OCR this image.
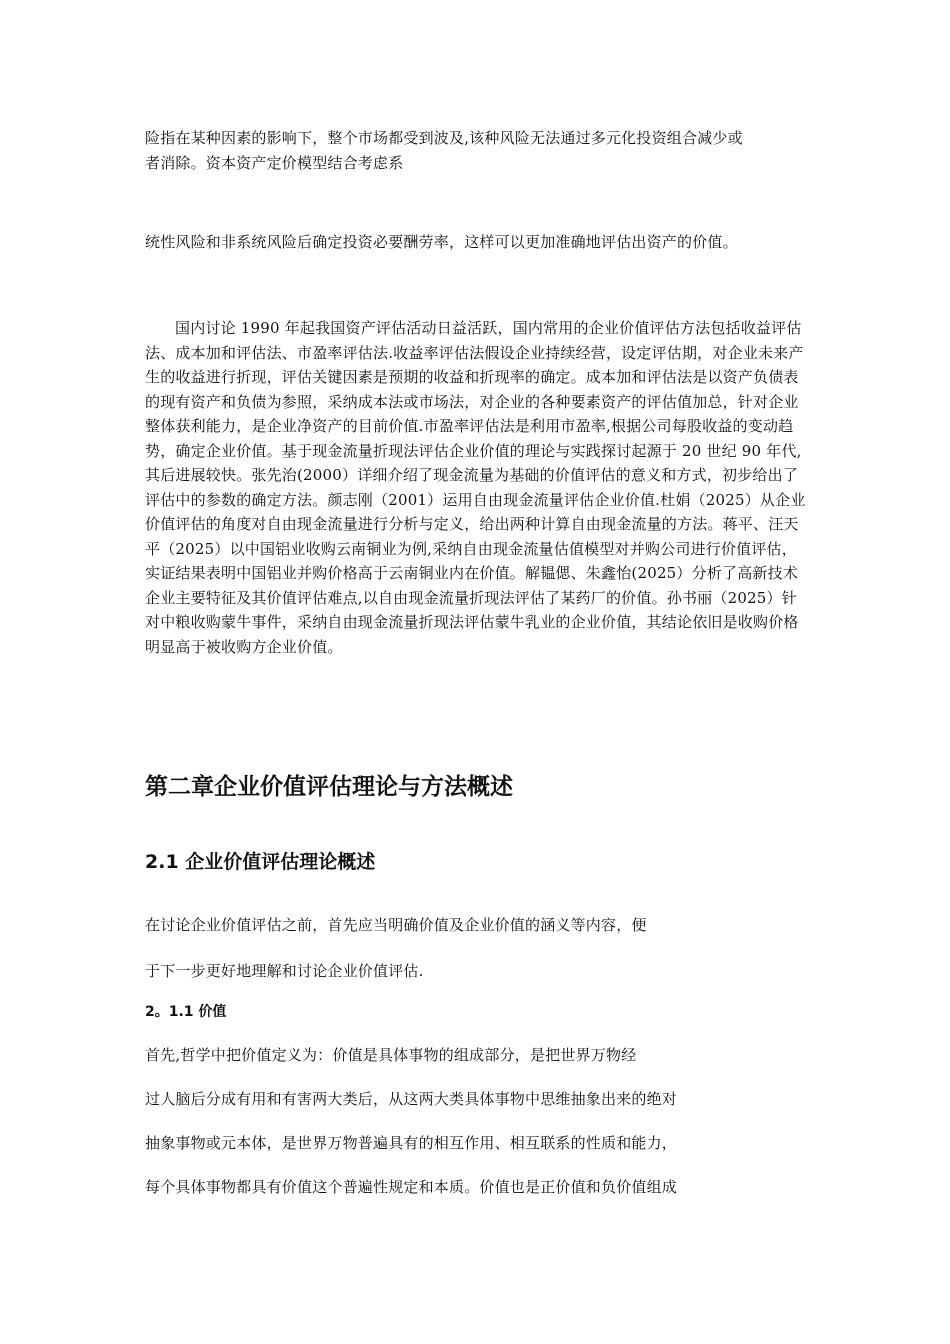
险指在某种因素的影响下，整个市场都受到波及,该种风险无法通过多元化投资组合减少或
者消除。资本资产定价模型结合考虑系
统性风险和非系统风险后确定投资必要酬劳率，这样可以更加准确地评估出资产的价值。

国内讨论 1990 年起我国资产评估活动日益活跃，国内常用的企业价值评估方法包括收益评估法、成本加和评估法、市盈率评估法.收益率评估法假设企业持续经营，设定评估期，对企业未来产生的收益进行折现，评估关键因素是预期的收益和折现率的确定。成本加和评估法是以资产负债表的现有资产和负债为参照，采纳成本法或市场法，对企业的各种要素资产的评估值加总，针对企业整体获利能力，是企业净资产的目前价值.市盈率评估法是利用市盈率,根据公司每股收益的变动趋势，确定企业价值。基于现金流量折现法评估企业价值的理论与实践探讨起源于 20 世纪 90 年代,其后进展较快。张先治(2000）详细介绍了现金流量为基础的价值评估的意义和方式，初步给出了评估中的参数的确定方法。颜志刚（2001）运用自由现金流量评估企业价值.杜娟（2025）从企业价值评估的角度对自由现金流量进行分析与定义，给出两种计算自由现金流量的方法。蒋平、汪天平（2025）以中国铝业收购云南铜业为例,采纳自由现金流量估值模型对并购公司进行价值评估，实证结果表明中国铝业并购价格高于云南铜业内在价值。解韫偲、朱鑫怡(2025）分析了高新技术企业主要特征及其价值评估难点,以自由现金流量折现法评估了某药厂的价值。孙书丽（2025）针对中粮收购蒙牛事件，采纳自由现金流量折现法评估蒙牛乳业的企业价值，其结论依旧是收购价格明显高于被收购方企业价值。

第二章企业价值评估理论与方法概述
2.1 企业价值评估理论概述
在讨论企业价值评估之前，首先应当明确价值及企业价值的涵义等内容，便
于下一步更好地理解和讨论企业价值评估.
2。1.1 价值
首先,哲学中把价值定义为：价值是具体事物的组成部分，是把世界万物经
过人脑后分成有用和有害两大类后，从这两大类具体事物中思维抽象出来的绝对
抽象事物或元本体，是世界万物普遍具有的相互作用、相互联系的性质和能力，
每个具体事物都具有价值这个普遍性规定和本质。价值也是正价值和负价值组成
